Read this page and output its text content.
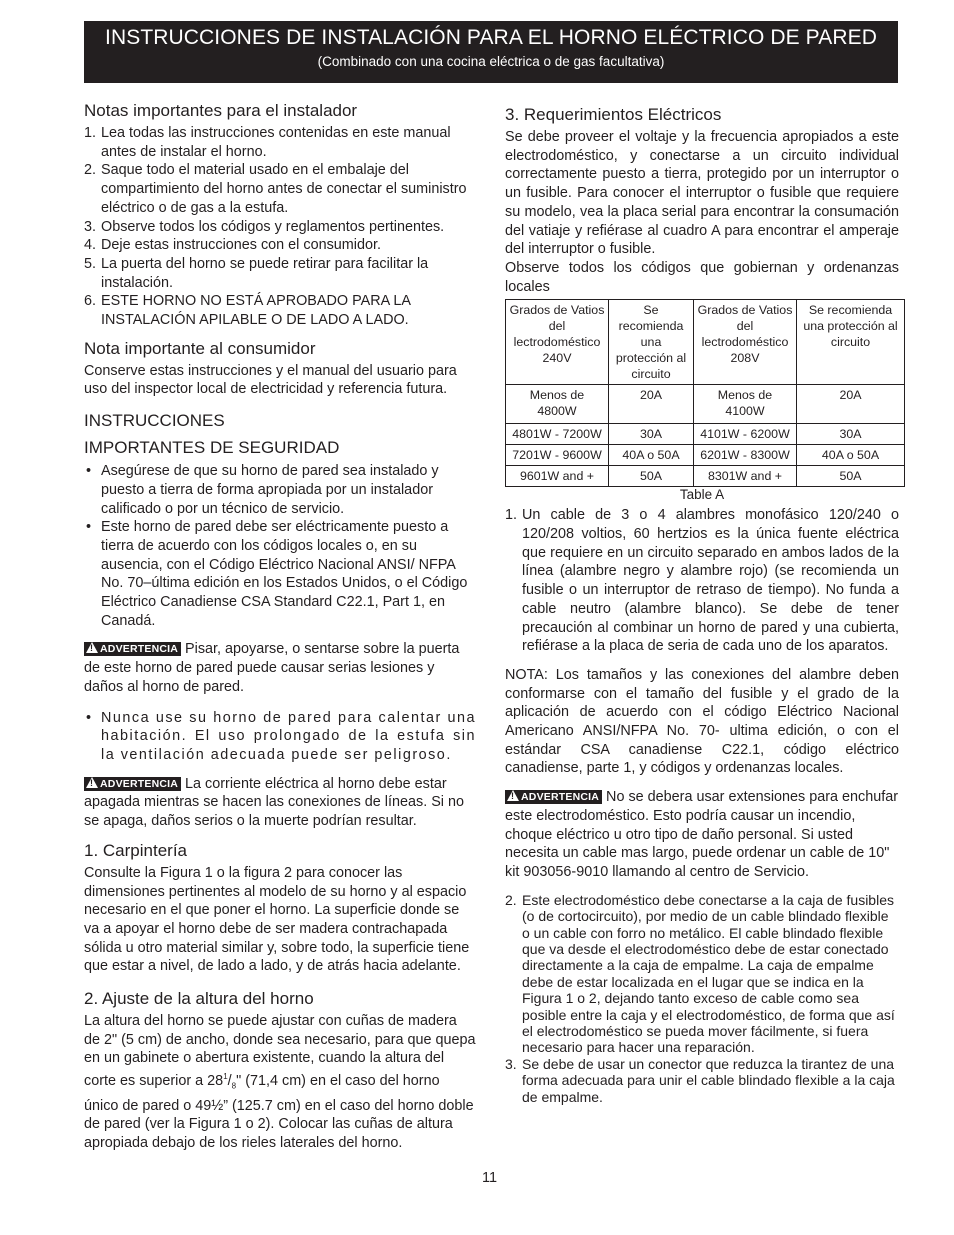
INSTRUCCIONES DE INSTALACIÓN PARA EL HORNO ELÉCTRICO DE PARED
(Combinado con una cocina eléctrica o de gas facultativa)
Notas importantes para el instalador
1. Lea todas las instrucciones contenidas en este manual antes de instalar el horno.
2. Saque todo el material usado en el embalaje del compartimiento del horno antes de conectar el suministro eléctrico o de gas a la estufa.
3. Observe todos los códigos y reglamentos pertinentes.
4. Deje estas instrucciones con el consumidor.
5. La puerta del horno se puede retirar para facilitar la instalación.
6. ESTE HORNO NO ESTÁ APROBADO PARA LA INSTALACIÓN APILABLE O DE LADO A LADO.
Nota importante al consumidor

Conserve estas instrucciones y el manual del usuario para uso del inspector local de electricidad y referencia futura.

INSTRUCCIONES
IMPORTANTES DE SEGURIDAD
• Asegúrese de que su horno de pared sea instalado y puesto a tierra de forma apropiada por un instalador calificado o por un técnico de servicio.
• Este horno de pared debe ser eléctricamente puesto a tierra de acuerdo con los códigos locales o, en su ausencia, con el Código Eléctrico Nacional ANSI/ NFPA No. 70–última edición en los Estados Unidos, o el Código Eléctrico Canadiense CSA Standard C22.1, Part 1, en Canadá.

!ADVERTENCIA Pisar, apoyarse, o sentarse sobre la puerta de este horno de pared puede causar serias lesiones y daños al horno de pared.

• Nunca use su horno de pared para calentar una habitación. El uso prolongado de la estufa sin la ventilación adecuada puede ser peligroso.

!ADVERTENCIA La corriente eléctrica al horno debe estar apagada mientras se hacen las conexiones de líneas. Si no se apaga, daños serios o la muerte podrían resultar.

1. Carpintería

Consulte la Figura 1 o la figura 2 para conocer las dimensiones pertinentes al modelo de su horno y al espacio necesario en el que poner el horno. La superficie donde se va a apoyar el horno debe de ser madera contrachapada sólida u otro material similar y, sobre todo, la superficie tiene que estar a nivel, de lado a lado, y de atrás hacia adelante.

2. Ajuste de la altura del horno

La altura del horno se puede ajustar con cuñas de madera de 2" (5 cm) de ancho, donde sea necesario, para que quepa en un gabinete o abertura existente, cuando la altura del corte es superior a $28^1/_8$" (71,4 cm) en el caso del horno único de pared o 49½” (125.7 cm) en el caso del horno doble de pared (ver la Figura 1 o 2). Colocar las cuñas de altura apropiada debajo de los rieles laterales del horno.

3. Requerimientos Eléctricos

Se debe proveer el voltaje y la frecuencia apropiados a este electrodoméstico, y conectarse a un circuito individual correctamente puesto a tierra, protegido por un interruptor o un fusible. Para conocer el interruptor o fusible que requiere su modelo, vea la placa serial para encontrar la consumación del vatiaje y refiérase al cuadro A para encontrar el amperaje del interruptor o fusible.

Observe todos los códigos que gobiernan y ordenanzas locales

Grados de Vatios del lectrodoméstico 240V	Se recomienda una protección al circuito	Grados de Vatios del lectrodoméstico 208V	Se recomienda una protección al circuito
Menos de 4800W	20A	Menos de 4100W	20A
4801W - 7200W	30A	4101W - 6200W	30A
7201W - 9600W	40A o 50A	6201W - 8300W	40A o 50A
9601W and +	50A	8301W and +	50A
Table A
1. Un cable de 3 o 4 alambres monofásico 120/240 o 120/208 voltios, 60 hertzios es la única fuente eléctrica que requiere en un circuito separado en ambos lados de la línea (alambre negro y alambre rojo) (se recomienda un fusible o un interruptor de retraso de tiempo). No funda a cable neutro (alambre blanco). Se debe de tener precaución al combinar un horno de pared y una cubierta, refiérase a la placa de seria de cada uno de los aparatos.

NOTA: Los tamaños y las conexiones del alambre deben conformarse con el tamaño del fusible y el grado de la aplicación de acuerdo con el código Eléctrico Nacional Americano ANSI/NFPA No. 70- ultima edición, o con el estándar CSA canadiense C22.1, código eléctrico canadiense, parte 1, y códigos y ordenanzas locales.

!ADVERTENCIA No se debera usar extensiones para enchufar este electrodoméstico. Esto podría causar un incendio, choque eléctrico u otro tipo de daño personal. Si usted necesita un cable mas largo, puede ordenar un cable de 10" kit 903056-9010 llamando al centro de Servicio.

2. Este electrodoméstico debe conectarse a la caja de fusibles (o de cortocircuito), por medio de un cable blindado flexible o un cable con forro no metálico. El cable blindado flexible que va desde el electrodoméstico debe de estar conectado directamente a la caja de empalme. La caja de empalme debe de estar localizada en el lugar que se indica en la Figura 1 o 2, dejando tanto exceso de cable como sea posible entre la caja y el electrodoméstico, de forma que así el electrodoméstico se pueda mover fácilmente, si fuera necesario para hacer una reparación.
3. Se debe de usar un conector que reduzca la tirantez de una forma adecuada para unir el cable blindado flexible a la caja de empalme.
11
